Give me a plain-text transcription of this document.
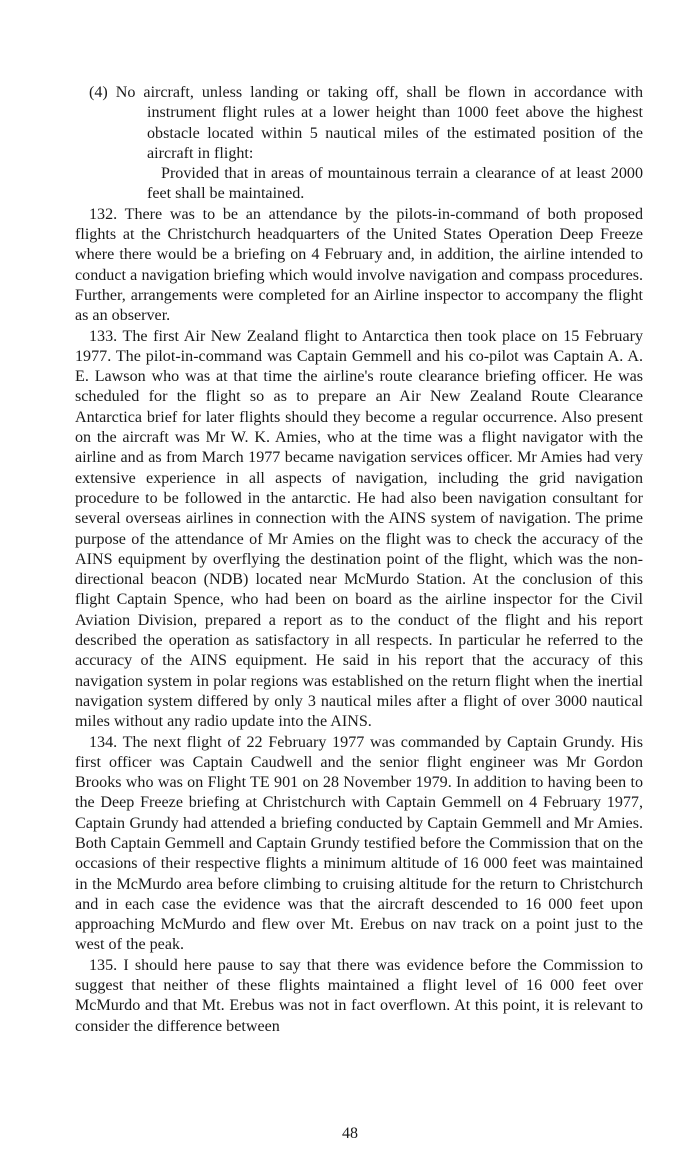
(4) No aircraft, unless landing or taking off, shall be flown in accordance with instrument flight rules at a lower height than 1000 feet above the highest obstacle located within 5 nautical miles of the estimated position of the aircraft in flight:

Provided that in areas of mountainous terrain a clearance of at least 2000 feet shall be maintained.

132. There was to be an attendance by the pilots-in-command of both proposed flights at the Christchurch headquarters of the United States Operation Deep Freeze where there would be a briefing on 4 February and, in addition, the airline intended to conduct a navigation briefing which would involve navigation and compass procedures. Further, arrangements were completed for an Airline inspector to accompany the flight as an observer.

133. The first Air New Zealand flight to Antarctica then took place on 15 February 1977. The pilot-in-command was Captain Gemmell and his co-pilot was Captain A. A. E. Lawson who was at that time the airline's route clearance briefing officer. He was scheduled for the flight so as to prepare an Air New Zealand Route Clearance Antarctica brief for later flights should they become a regular occurrence. Also present on the aircraft was Mr W. K. Amies, who at the time was a flight navigator with the airline and as from March 1977 became navigation services officer. Mr Amies had very extensive experience in all aspects of navigation, including the grid navigation procedure to be followed in the antarctic. He had also been navigation consultant for several overseas airlines in connection with the AINS system of navigation. The prime purpose of the attendance of Mr Amies on the flight was to check the accuracy of the AINS equipment by overflying the destination point of the flight, which was the non-directional beacon (NDB) located near McMurdo Station. At the conclusion of this flight Captain Spence, who had been on board as the airline inspector for the Civil Aviation Division, prepared a report as to the conduct of the flight and his report described the operation as satisfactory in all respects. In particular he referred to the accuracy of the AINS equipment. He said in his report that the accuracy of this navigation system in polar regions was established on the return flight when the inertial navigation system differed by only 3 nautical miles after a flight of over 3000 nautical miles without any radio update into the AINS.

134. The next flight of 22 February 1977 was commanded by Captain Grundy. His first officer was Captain Caudwell and the senior flight engineer was Mr Gordon Brooks who was on Flight TE 901 on 28 November 1979. In addition to having been to the Deep Freeze briefing at Christchurch with Captain Gemmell on 4 February 1977, Captain Grundy had attended a briefing conducted by Captain Gemmell and Mr Amies. Both Captain Gemmell and Captain Grundy testified before the Commission that on the occasions of their respective flights a minimum altitude of 16 000 feet was maintained in the McMurdo area before climbing to cruising altitude for the return to Christchurch and in each case the evidence was that the aircraft descended to 16 000 feet upon approaching McMurdo and flew over Mt. Erebus on nav track on a point just to the west of the peak.

135. I should here pause to say that there was evidence before the Commission to suggest that neither of these flights maintained a flight level of 16 000 feet over McMurdo and that Mt. Erebus was not in fact overflown. At this point, it is relevant to consider the difference between

48
